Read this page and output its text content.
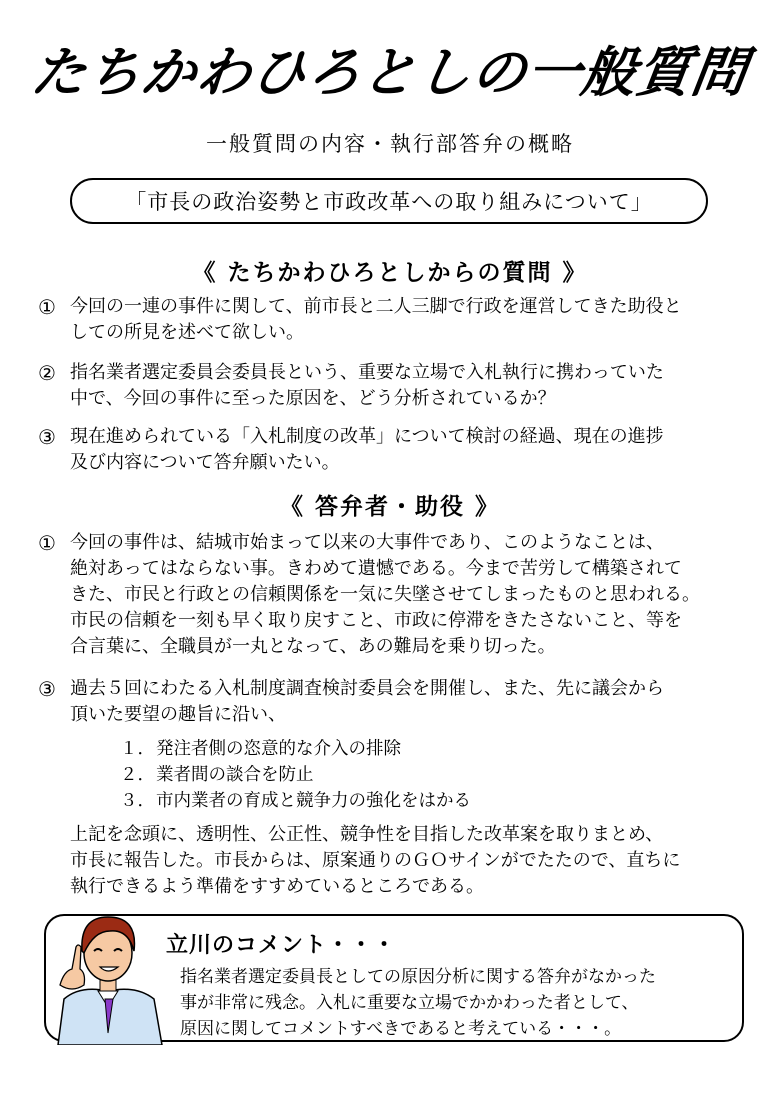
たちかわひろとしの一般質問
一般質問の内容・執行部答弁の概略
「市長の政治姿勢と市政改革への取り組みについて」
《 たちかわひろとしからの質問 》
① 今回の一連の事件に関して、前市長と二人三脚で行政を運営してきた助役と
しての所見を述べて欲しい。
② 指名業者選定委員会委員長という、重要な立場で入札執行に携わっていた
中で、今回の事件に至った原因を、どう分析されているか？
③ 現在進められている「入札制度の改革」について検討の経過、現在の進捗
及び内容について答弁願いたい。
《 答弁者・助役 》
① 今回の事件は、結城市始まって以来の大事件であり、このようなことは、
絶対あってはならない事。きわめて遺憾である。今まで苦労して構築されて
きた、市民と行政との信頼関係を一気に失墜させてしまったものと思われる。
市民の信頼を一刻も早く取り戻すこと、市政に停滞をきたさないこと、等を
合言葉に、全職員が一丸となって、あの難局を乗り切った。
③ 過去５回にわたる入札制度調査検討委員会を開催し、また、先に議会から
頂いた要望の趣旨に沿い、
１． 発注者側の恣意的な介入の排除
２． 業者間の談合を防止
３． 市内業者の育成と競争力の強化をはかる
上記を念頭に、透明性、公正性、競争性を目指した改革案を取りまとめ、
市長に報告した。市長からは、原案通りのＧＯサインがでたたので、直ちに
執行できるよう準備をすすめているところである。
立川のコメント・・・
指名業者選定委員長としての原因分析に関する答弁がなかった
事が非常に残念。入札に重要な立場でかかわった者として、
原因に関してコメントすべきであると考えている・・・。
